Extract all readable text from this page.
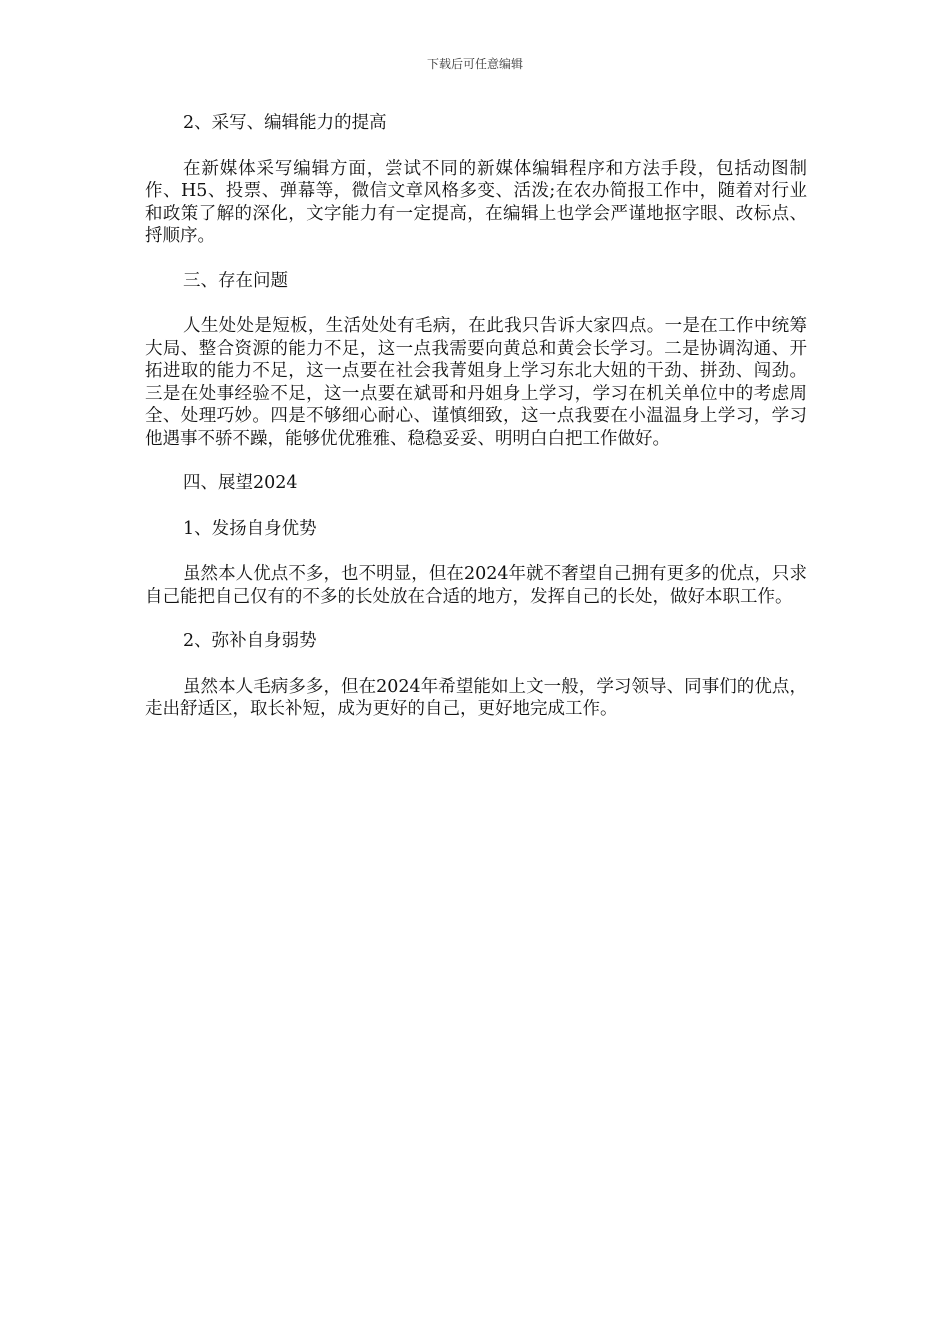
下载后可任意编辑

2、采写、编辑能力的提高

在新媒体采写编辑方面，尝试不同的新媒体编辑程序和方法手段，包括动图制作、H5、投票、弹幕等，微信文章风格多变、活泼;在农办简报工作中，随着对行业和政策了解的深化，文字能力有一定提高，在编辑上也学会严谨地抠字眼、改标点、捋顺序。

三、存在问题

人生处处是短板，生活处处有毛病，在此我只告诉大家四点。一是在工作中统筹大局、整合资源的能力不足，这一点我需要向黄总和黄会长学习。二是协调沟通、开拓进取的能力不足，这一点要在社会我菁姐身上学习东北大妞的干劲、拼劲、闯劲。三是在处事经验不足，这一点要在斌哥和丹姐身上学习，学习在机关单位中的考虑周全、处理巧妙。四是不够细心耐心、谨慎细致，这一点我要在小温温身上学习，学习他遇事不骄不躁，能够优优雅雅、稳稳妥妥、明明白白把工作做好。

四、展望2024

1、发扬自身优势

虽然本人优点不多，也不明显，但在2024年就不奢望自己拥有更多的优点，只求自己能把自己仅有的不多的长处放在合适的地方，发挥自己的长处，做好本职工作。

2、弥补自身弱势

虽然本人毛病多多，但在2024年希望能如上文一般，学习领导、同事们的优点，走出舒适区，取长补短，成为更好的自己，更好地完成工作。
